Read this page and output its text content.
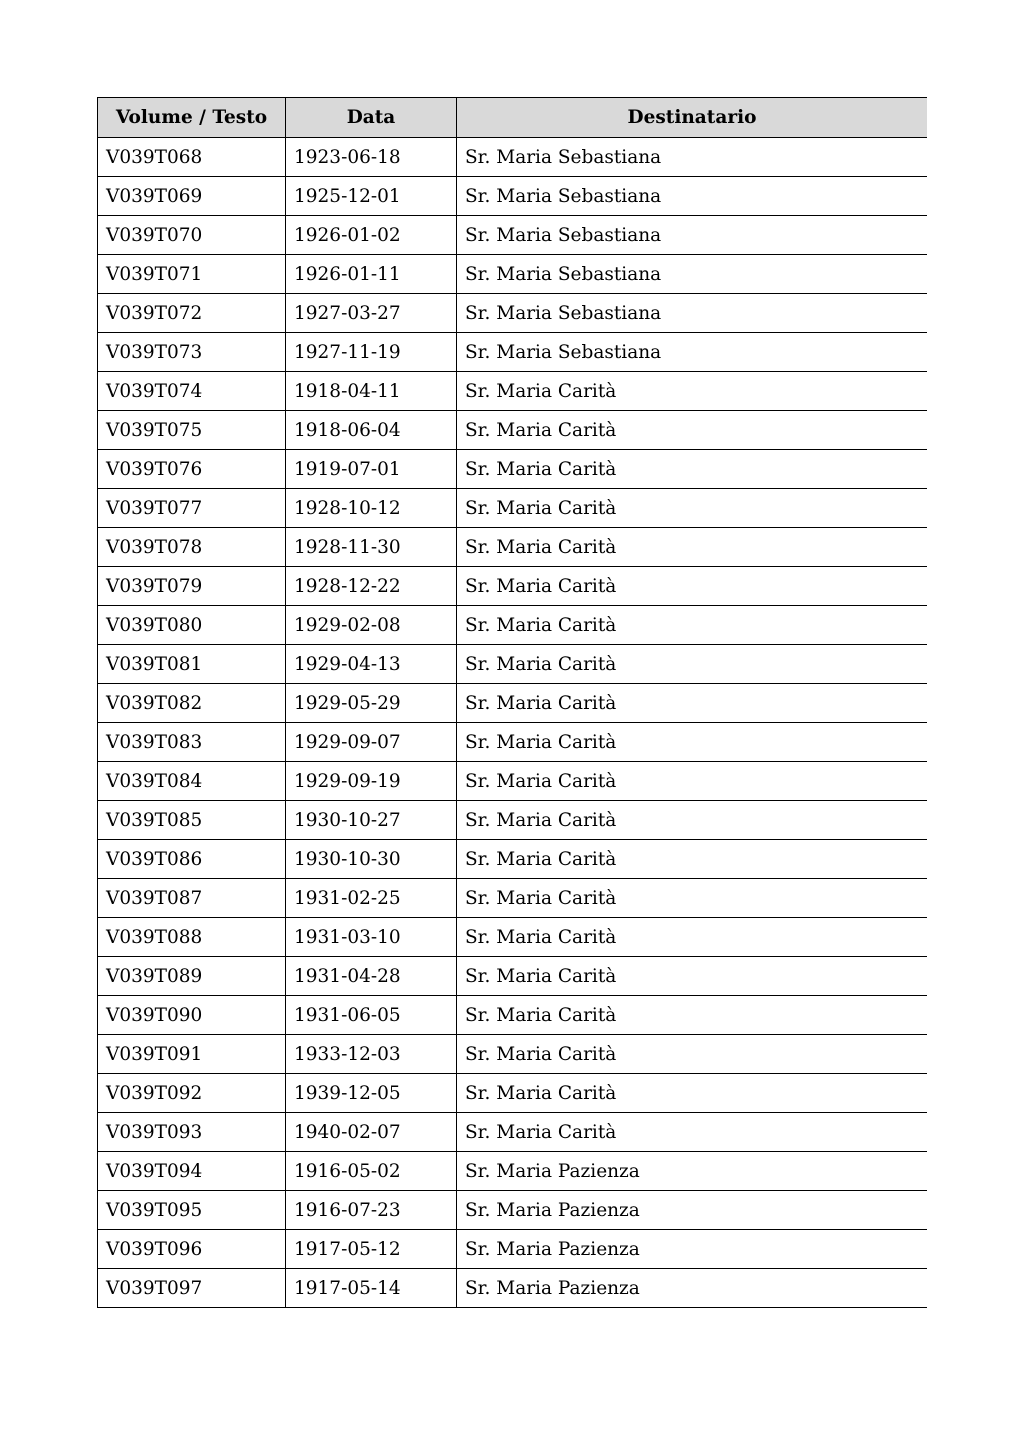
Volume / Testo	Data	Destinatario
V039T068	1923-06-18	Sr. Maria Sebastiana
V039T069	1925-12-01	Sr. Maria Sebastiana
V039T070	1926-01-02	Sr. Maria Sebastiana
V039T071	1926-01-11	Sr. Maria Sebastiana
V039T072	1927-03-27	Sr. Maria Sebastiana
V039T073	1927-11-19	Sr. Maria Sebastiana
V039T074	1918-04-11	Sr. Maria Carità
V039T075	1918-06-04	Sr. Maria Carità
V039T076	1919-07-01	Sr. Maria Carità
V039T077	1928-10-12	Sr. Maria Carità
V039T078	1928-11-30	Sr. Maria Carità
V039T079	1928-12-22	Sr. Maria Carità
V039T080	1929-02-08	Sr. Maria Carità
V039T081	1929-04-13	Sr. Maria Carità
V039T082	1929-05-29	Sr. Maria Carità
V039T083	1929-09-07	Sr. Maria Carità
V039T084	1929-09-19	Sr. Maria Carità
V039T085	1930-10-27	Sr. Maria Carità
V039T086	1930-10-30	Sr. Maria Carità
V039T087	1931-02-25	Sr. Maria Carità
V039T088	1931-03-10	Sr. Maria Carità
V039T089	1931-04-28	Sr. Maria Carità
V039T090	1931-06-05	Sr. Maria Carità
V039T091	1933-12-03	Sr. Maria Carità
V039T092	1939-12-05	Sr. Maria Carità
V039T093	1940-02-07	Sr. Maria Carità
V039T094	1916-05-02	Sr. Maria Pazienza
V039T095	1916-07-23	Sr. Maria Pazienza
V039T096	1917-05-12	Sr. Maria Pazienza
V039T097	1917-05-14	Sr. Maria Pazienza
